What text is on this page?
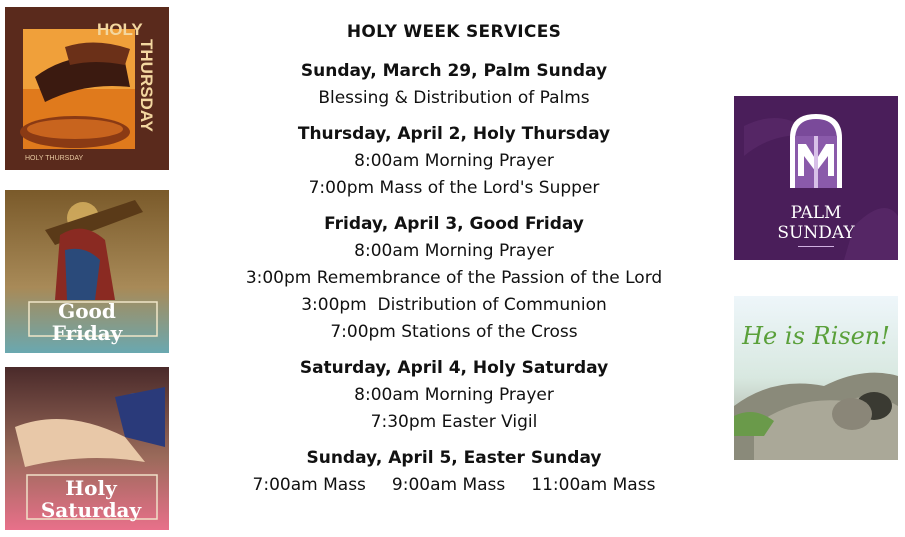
HOLY
THURSDAY
HOLY THURSDAY
Good
Friday
Holy
Saturday
PALM
SUNDAY
He is Risen!
HOLY WEEK SERVICES
Sunday, March 29, Palm Sunday
Blessing & Distribution of Palms
Thursday, April 2, Holy Thursday
8:00am Morning Prayer
7:00pm Mass of the Lord's Supper
Friday, April 3, Good Friday
8:00am Morning Prayer
3:00pm Remembrance of the Passion of the Lord
3:00pm  Distribution of Communion
7:00pm Stations of the Cross
Saturday, April 4, Holy Saturday
8:00am Morning Prayer
7:30pm Easter Vigil
Sunday, April 5, Easter Sunday
7:00am Mass 9:00am Mass 11:00am Mass
